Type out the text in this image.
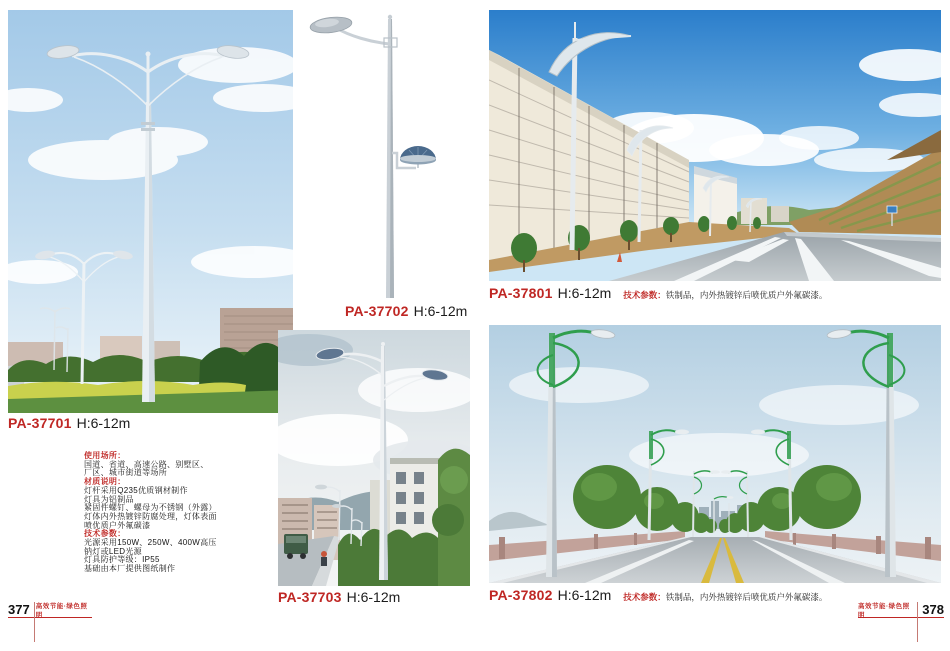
PA-37701 H:6-12m
PA-37702 H:6-12m
PA-37703 H:6-12m
PA-37801 H:6-12m 技术参数：铁制品，内外热镀锌后喷优质户外氟碳漆。
PA-37802 H:6-12m 技术参数：铁制品，内外热镀锌后喷优质户外氟碳漆。
使用场所：
国道、省道、高速公路、别墅区、
厂区、城市街道等场所
材质说明：
灯杆采用Q235优质钢材制作
灯具为铝制品
紧固件螺钉、螺母为不锈钢（外露）
灯体内外热镀锌防腐处理，灯体表面
喷优质户外氟碳漆
技术参数：
光源采用150W、250W、400W高压
钠灯或LED光源
灯具防护等级：IP55
基础由本厂提供图纸制作
377 高效节能·绿色照明
高效节能·绿色照明	378
